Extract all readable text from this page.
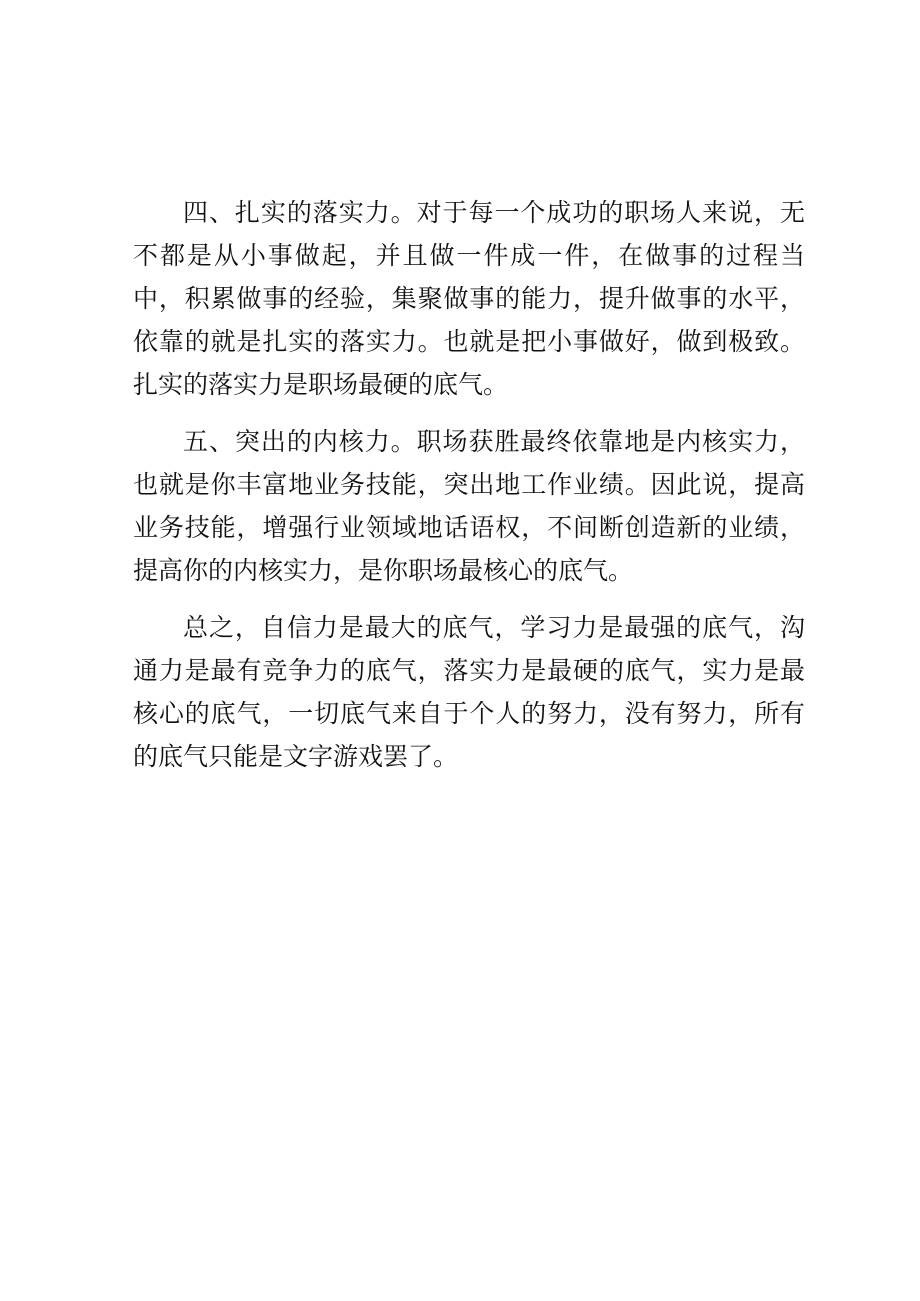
四、扎实的落实力。对于每一个成功的职场人来说，无不都是从小事做起，并且做一件成一件，在做事的过程当中，积累做事的经验，集聚做事的能力，提升做事的水平，依靠的就是扎实的落实力。也就是把小事做好，做到极致。扎实的落实力是职场最硬的底气。

五、突出的内核力。职场获胜最终依靠地是内核实力，也就是你丰富地业务技能，突出地工作业绩。因此说，提高业务技能，增强行业领域地话语权，不间断创造新的业绩，提高你的内核实力，是你职场最核心的底气。

总之，自信力是最大的底气，学习力是最强的底气，沟通力是最有竞争力的底气，落实力是最硬的底气，实力是最核心的底气，一切底气来自于个人的努力，没有努力，所有的底气只能是文字游戏罢了。
